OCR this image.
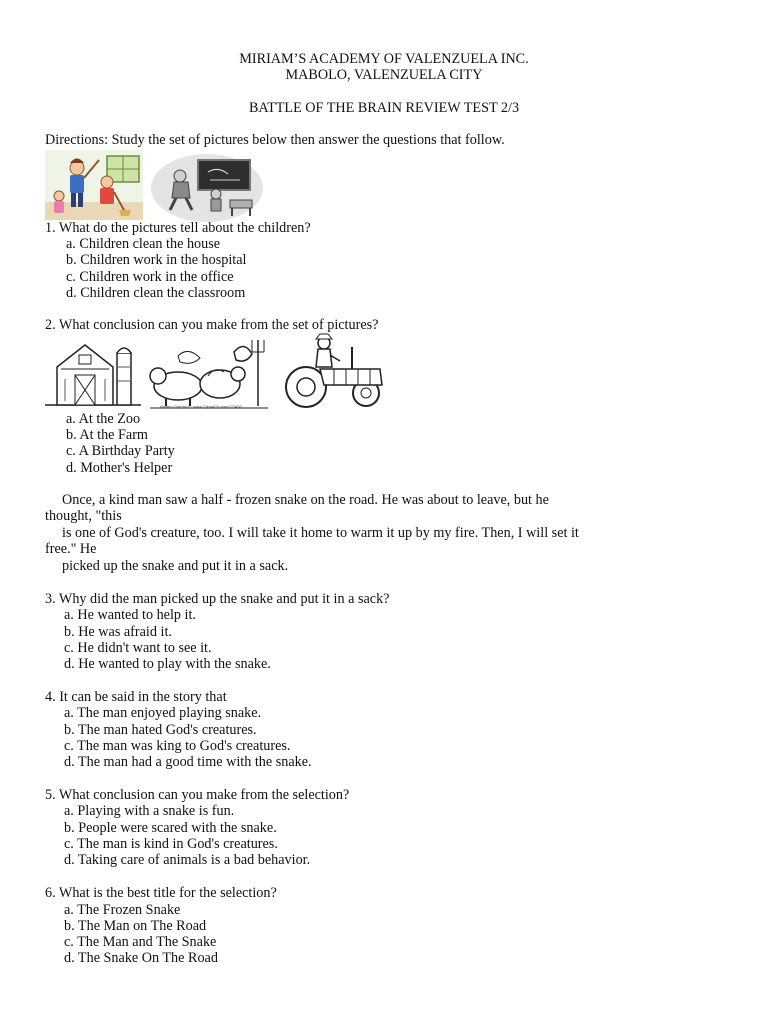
MIRIAM’S ACADEMY OF VALENZUELA INC.
MABOLO, VALENZUELA CITY
BATTLE OF THE BRAIN REVIEW TEST 2/3
Directions: Study the set of pictures below then answer the questions that follow.
1. What do the pictures tell about the children?
a. Children clean the house
b. Children work in the hospital
c. Children work in the office
d. Children clean the classroom
2. What conclusion can you make from the set of pictures?
Written Graphics · www.ClipartOf.com/123456
a. At the Zoo
b. At the Farm
c. A Birthday Party
d. Mother's Helper
Once, a kind man saw a half - frozen snake on the road. He was about to leave, but he
thought, "this
is one of God's creature, too. I will take it home to warm it up by my fire. Then, I will set it
free." He
picked up the snake and put it in a sack.
3. Why did the man picked up the snake and put it in a sack?
a. He wanted to help it.
b. He was afraid it.
c. He didn't want to see it.
d. He wanted to play with the snake.
4. It can be said in the story that
a. The man enjoyed playing snake.
b. The man hated God's creatures.
c. The man was king to God's creatures.
d. The man had a good time with the snake.
5. What conclusion can you make from the selection?
a. Playing with a snake is fun.
b. People were scared with the snake.
c. The man is kind in God's creatures.
d. Taking care of animals is a bad behavior.
6. What is the best title for the selection?
a. The Frozen Snake
b. The Man on The Road
c. The Man and The Snake
d. The Snake On The Road
